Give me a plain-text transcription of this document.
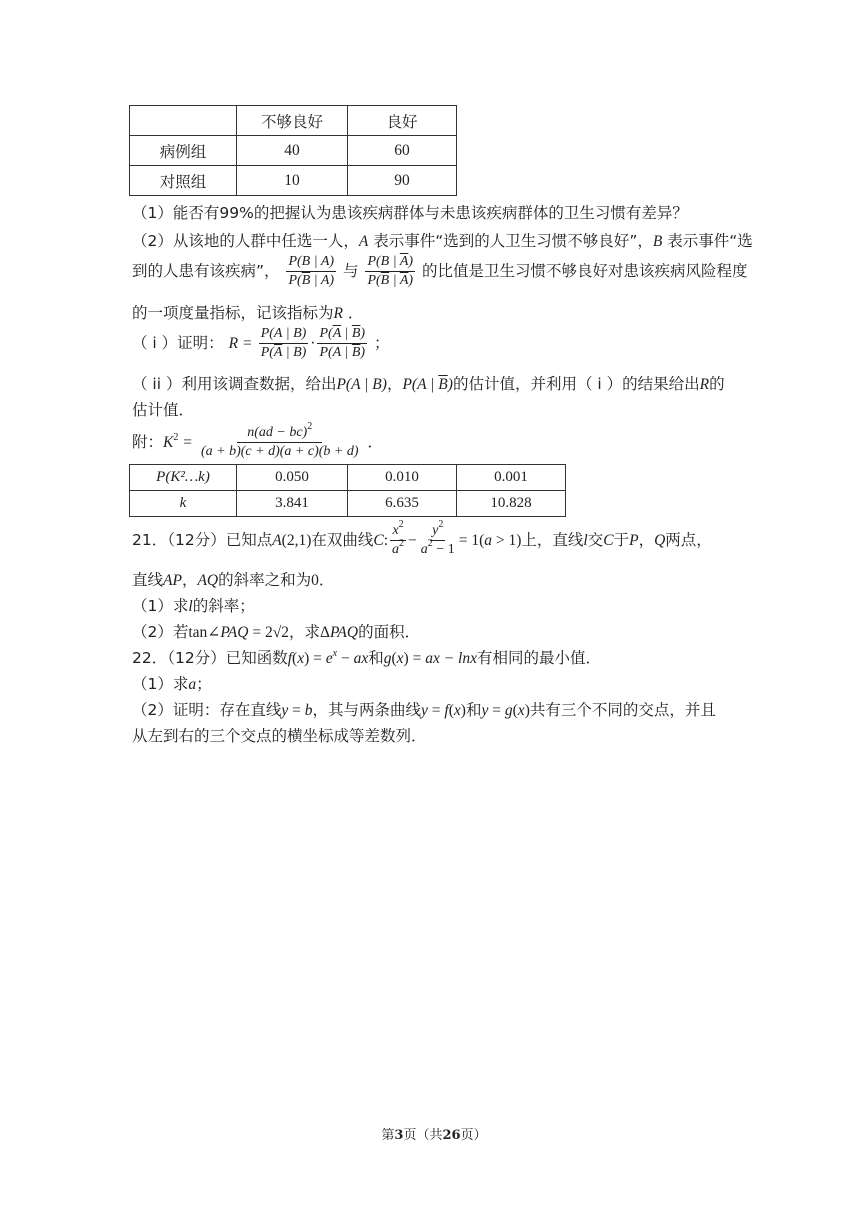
	不够良好	良好
病例组	40	60
对照组	10	90
（1）能否有99%的把握认为患该疾病群体与未患该疾病群体的卫生习惯有差异？
（2）从该地的人群中任选一人，A 表示事件“选到的人卫生习惯不够良好”，B 表示事件“选
到的人患有该疾病”， $\frac{P(B | A)}{P(\overline{B} | A)}$ 与 $\frac{P(B | \overline{A})}{P(\overline{B} | \overline{A})}$ 的比值是卫生习惯不够良好对患该疾病风险程度
的一项度量指标，记该指标为R ．
（ i ）证明： $R = \frac{P(A | B)}{P(\overline{A} | B)} \cdot \frac{P(\overline{A} | \overline{B})}{P(A | \overline{B})}$ ；
（ ii ）利用该调查数据，给出P(A | B)，P(A | $\overline{B}$)的估计值，并利用（ i ）的结果给出R的
估计值．
附：$K^2 = \frac{n(ad - bc)^2}{(a + b)(c + d)(a + c)(b + d)}$ ．
P(K²…k)	0.050	0.010	0.001
k	3.841	6.635	10.828
21．（12分）已知点A(2,1)在双曲线C: $\frac{x^2}{a^2} - \frac{y^2}{a^2 - 1} = 1(a > 1)$上，直线l交C于P，Q两点，
直线AP，AQ的斜率之和为0．
（1）求l的斜率；
（2）若tan∠PAQ = 2√2，求ΔPAQ的面积．
22．（12分）已知函数$f(x) = e^x$ − ax和g(x) = ax − lnx有相同的最小值．
（1）求a；
（2）证明：存在直线y = b，其与两条曲线y = f(x)和y = g(x)共有三个不同的交点，并且
从左到右的三个交点的横坐标成等差数列．
第3页（共26页）
